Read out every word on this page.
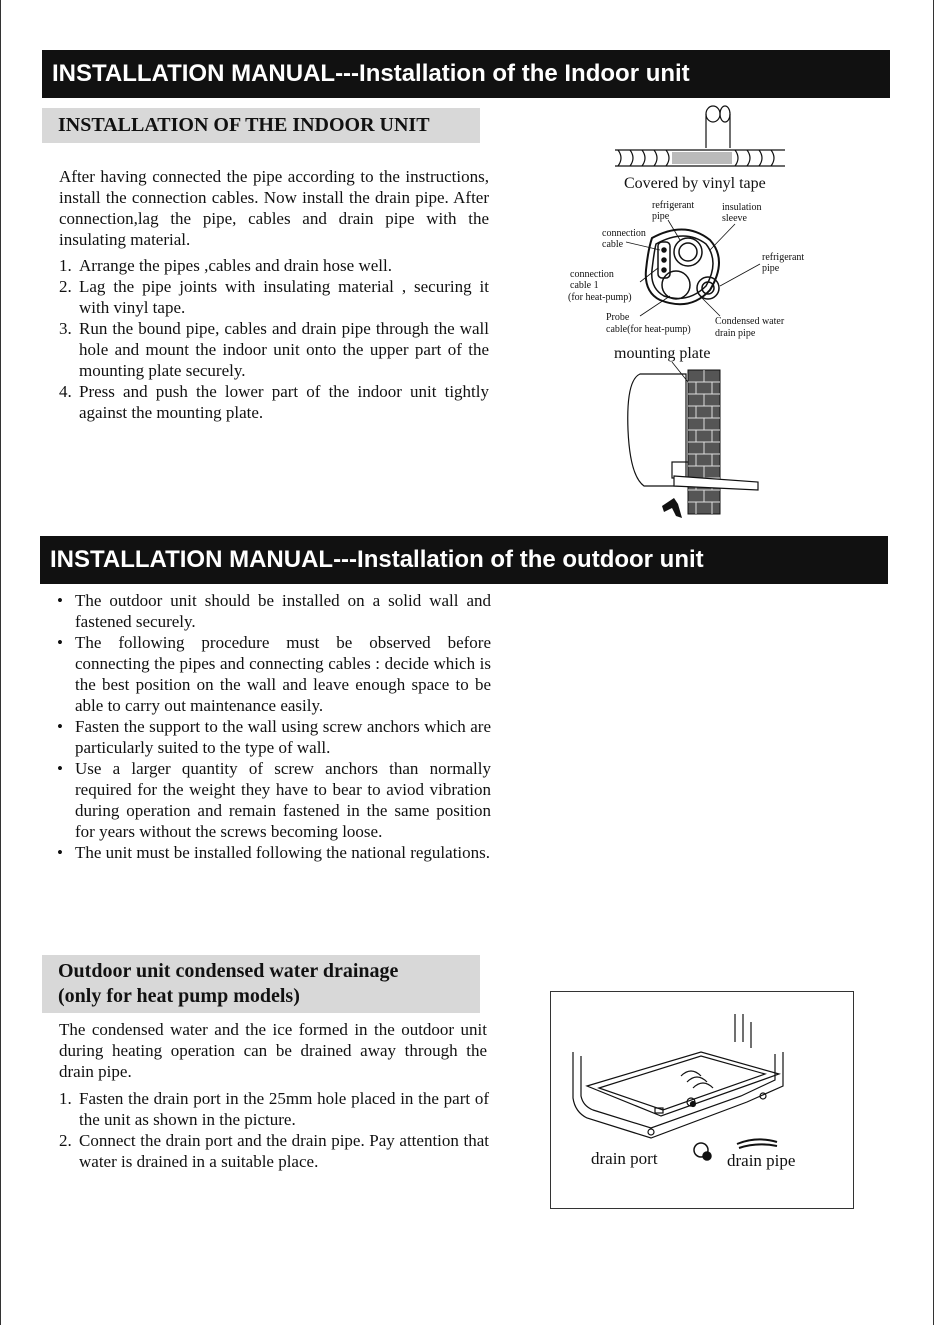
INSTALLATION MANUAL---Installation of the Indoor unit
INSTALLATION OF THE INDOOR UNIT

After having connected the pipe according to the instructions, install the connection cables. Now install the drain pipe. After connection,lag the pipe, cables and drain pipe with the insulating material.

1. Arrange the pipes ,cables and drain hose well.
2. Lag the pipe joints with insulating material , securing it with vinyl tape.
3. Run the bound pipe, cables and drain pipe through the wall hole and mount the indoor unit onto the upper part of the mounting plate securely.
4. Press and push the lower part of the indoor unit tightly against the mounting plate.
Covered by vinyl tape
refrigerant
pipe
insulation
sleeve
connection
cable
refrigerant
pipe
connection
cable 1
(for heat-pump)
Probe
cable(for heat-pump)
Condensed water
drain pipe
mounting plate
INSTALLATION MANUAL---Installation of the outdoor unit
• The outdoor unit should be installed on a solid wall and fastened securely.
• The following procedure must be observed before connecting the pipes and connecting cables : decide which is the best position on the wall and leave enough space to be able to carry out maintenance easily.
• Fasten the support to the wall using screw anchors which are particularly suited to the type of wall.
• Use a larger quantity of screw anchors than normally required for the weight they have to bear to aviod vibration during operation and remain fastened in the same position for years without the screws becoming loose.
• The unit must be installed following the national regulations.
Outdoor unit condensed water drainage
(only for heat pump models)

The condensed water and the ice formed in the outdoor unit during heating operation can be drained away through the drain pipe.

1. Fasten the drain port in the 25mm hole placed in the part of the unit as shown in the picture.
2. Connect the drain port and the drain pipe. Pay attention that water is drained in a suitable place.	drain port	drain pipe
